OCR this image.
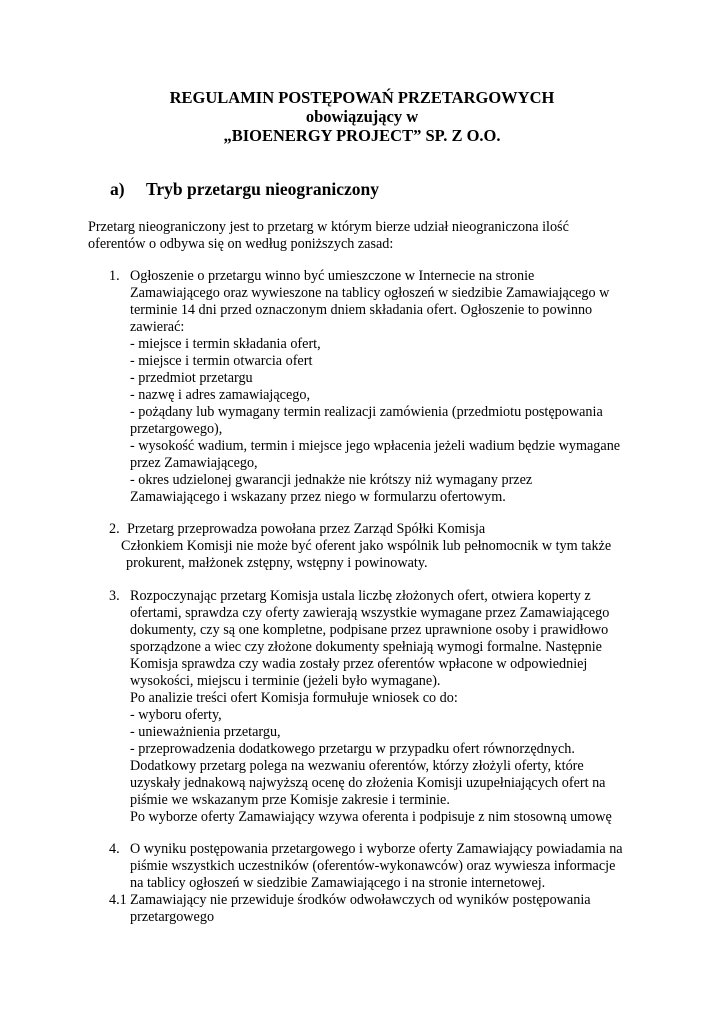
REGULAMIN POSTĘPOWAŃ PRZETARGOWYCH
obowiązujący w
„BIOENERGY PROJECT” SP. Z O.O.
a) Tryb przetargu nieograniczony
Przetarg nieograniczony jest to przetarg w którym bierze udział nieograniczona ilość
oferentów o odbywa się on według poniższych zasad:
1. Ogłoszenie o przetargu winno być umieszczone w Internecie na stronie
Zamawiającego oraz wywieszone na tablicy ogłoszeń w siedzibie Zamawiającego w
terminie 14 dni przed oznaczonym dniem składania ofert. Ogłoszenie to powinno
zawierać:
- miejsce i termin składania ofert,
- miejsce i termin otwarcia ofert
- przedmiot przetargu
- nazwę i adres zamawiającego,
- pożądany lub wymagany termin realizacji zamówienia (przedmiotu postępowania
przetargowego),
- wysokość wadium, termin i miejsce jego wpłacenia jeżeli wadium będzie wymagane
przez Zamawiającego,
- okres udzielonej gwarancji jednakże nie krótszy niż wymagany przez
Zamawiającego i wskazany przez niego w formularzu ofertowym.
2. Przetarg przeprowadza powołana przez Zarząd Spółki Komisja
Członkiem Komisji nie może być oferent jako wspólnik lub pełnomocnik w tym także
prokurent, małżonek zstępny, wstępny i powinowaty.
3. Rozpoczynając przetarg Komisja ustala liczbę złożonych ofert, otwiera koperty z
ofertami, sprawdza czy oferty zawierają wszystkie wymagane przez Zamawiającego
dokumenty, czy są one kompletne, podpisane przez uprawnione osoby i prawidłowo
sporządzone a wiec czy złożone dokumenty spełniają wymogi formalne. Następnie
Komisja sprawdza czy wadia zostały przez oferentów wpłacone w odpowiedniej
wysokości, miejscu i terminie (jeżeli było wymagane).
Po analizie treści ofert Komisja formułuje wniosek co do:
- wyboru oferty,
- unieważnienia przetargu,
- przeprowadzenia dodatkowego przetargu w przypadku ofert równorzędnych.
Dodatkowy przetarg polega na wezwaniu oferentów, którzy złożyli oferty, które
uzyskały jednakową najwyższą ocenę do złożenia Komisji uzupełniających ofert na
piśmie we wskazanym prze Komisje zakresie i terminie.
Po wyborze oferty Zamawiający wzywa oferenta i podpisuje z nim stosowną umowę
4. O wyniku postępowania przetargowego i wyborze oferty Zamawiający powiadamia na
piśmie wszystkich uczestników (oferentów-wykonawców) oraz wywiesza informacje
na tablicy ogłoszeń w siedzibie Zamawiającego i na stronie internetowej.
4.1 Zamawiający nie przewiduje środków odwoławczych od wyników postępowania
przetargowego
